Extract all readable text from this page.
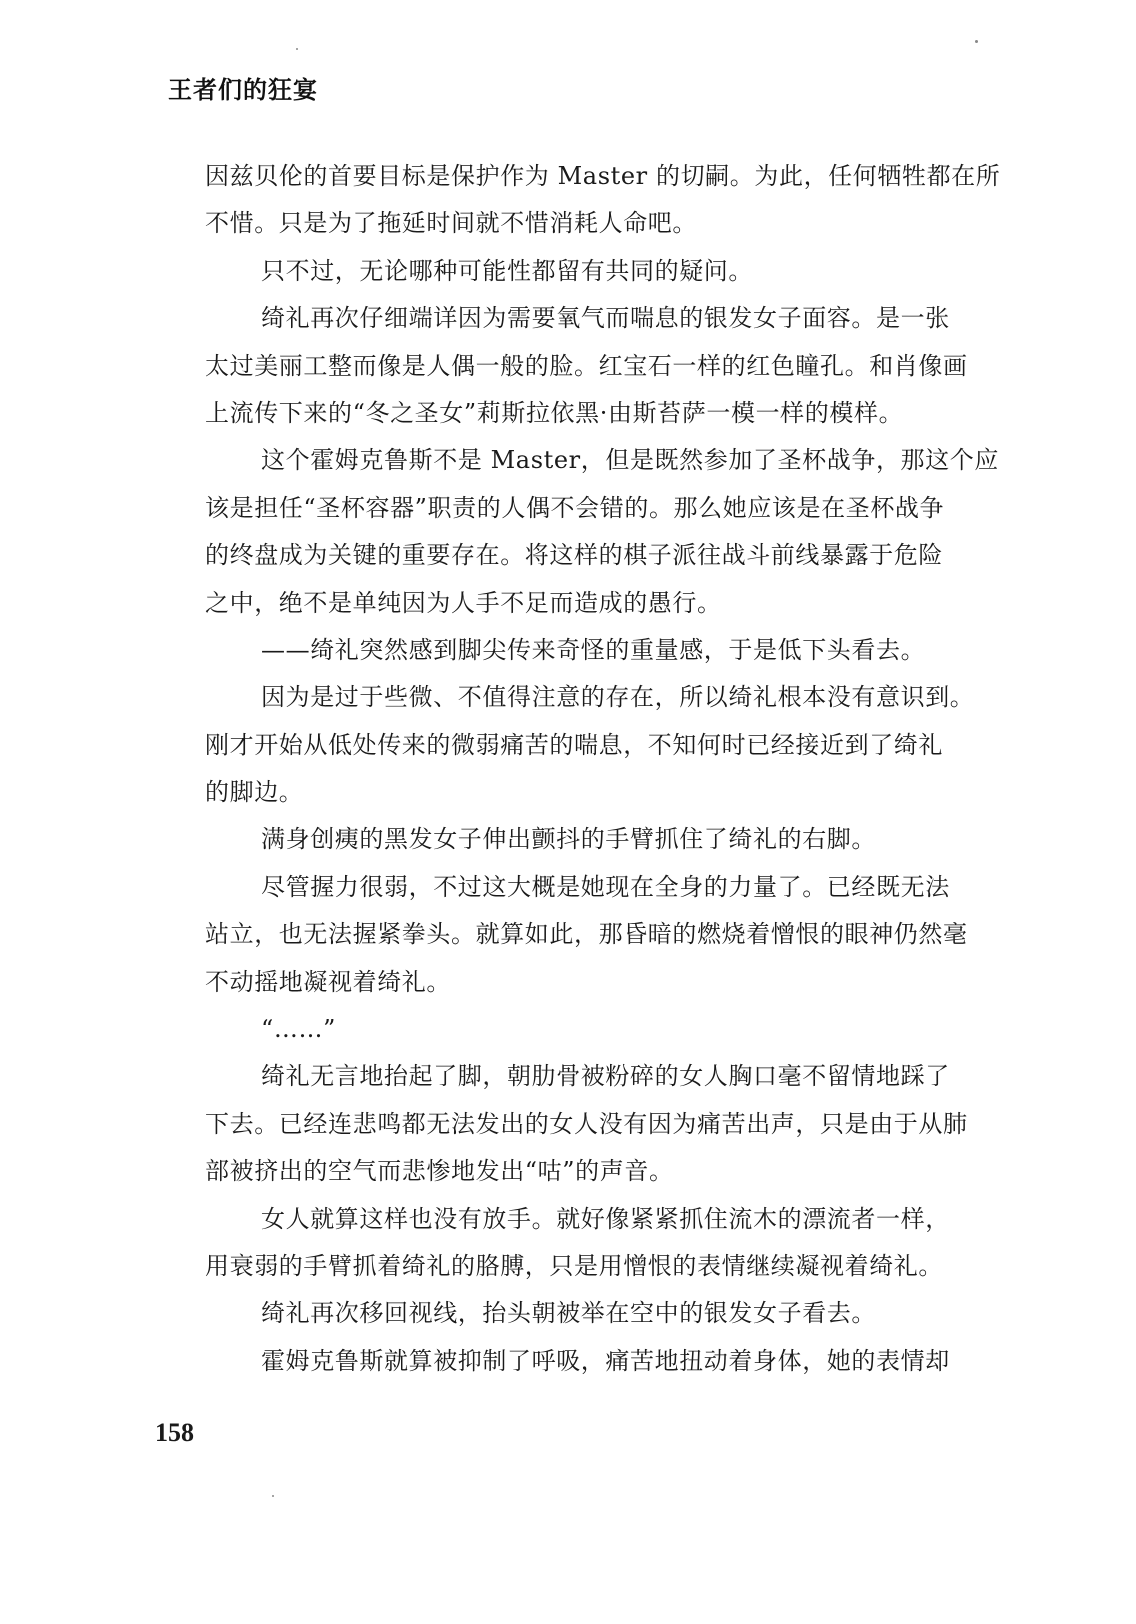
王者们的狂宴
因兹贝伦的首要目标是保护作为 Master 的切嗣。为此，任何牺牲都在所
不惜。只是为了拖延时间就不惜消耗人命吧。
只不过，无论哪种可能性都留有共同的疑问。
绮礼再次仔细端详因为需要氧气而喘息的银发女子面容。是一张
太过美丽工整而像是人偶一般的脸。红宝石一样的红色瞳孔。和肖像画
上流传下来的“冬之圣女”莉斯拉依黑·由斯苔萨一模一样的模样。
这个霍姆克鲁斯不是 Master，但是既然参加了圣杯战争，那这个应
该是担任“圣杯容器”职责的人偶不会错的。那么她应该是在圣杯战争
的终盘成为关键的重要存在。将这样的棋子派往战斗前线暴露于危险
之中，绝不是单纯因为人手不足而造成的愚行。
——绮礼突然感到脚尖传来奇怪的重量感，于是低下头看去。
因为是过于些微、不值得注意的存在，所以绮礼根本没有意识到。
刚才开始从低处传来的微弱痛苦的喘息，不知何时已经接近到了绮礼
的脚边。
满身创痍的黑发女子伸出颤抖的手臂抓住了绮礼的右脚。
尽管握力很弱，不过这大概是她现在全身的力量了。已经既无法
站立，也无法握紧拳头。就算如此，那昏暗的燃烧着憎恨的眼神仍然毫
不动摇地凝视着绮礼。
“……”
绮礼无言地抬起了脚，朝肋骨被粉碎的女人胸口毫不留情地踩了
下去。已经连悲鸣都无法发出的女人没有因为痛苦出声，只是由于从肺
部被挤出的空气而悲惨地发出“咕”的声音。
女人就算这样也没有放手。就好像紧紧抓住流木的漂流者一样，
用衰弱的手臂抓着绮礼的胳膊，只是用憎恨的表情继续凝视着绮礼。
绮礼再次移回视线，抬头朝被举在空中的银发女子看去。
霍姆克鲁斯就算被抑制了呼吸，痛苦地扭动着身体，她的表情却
158
